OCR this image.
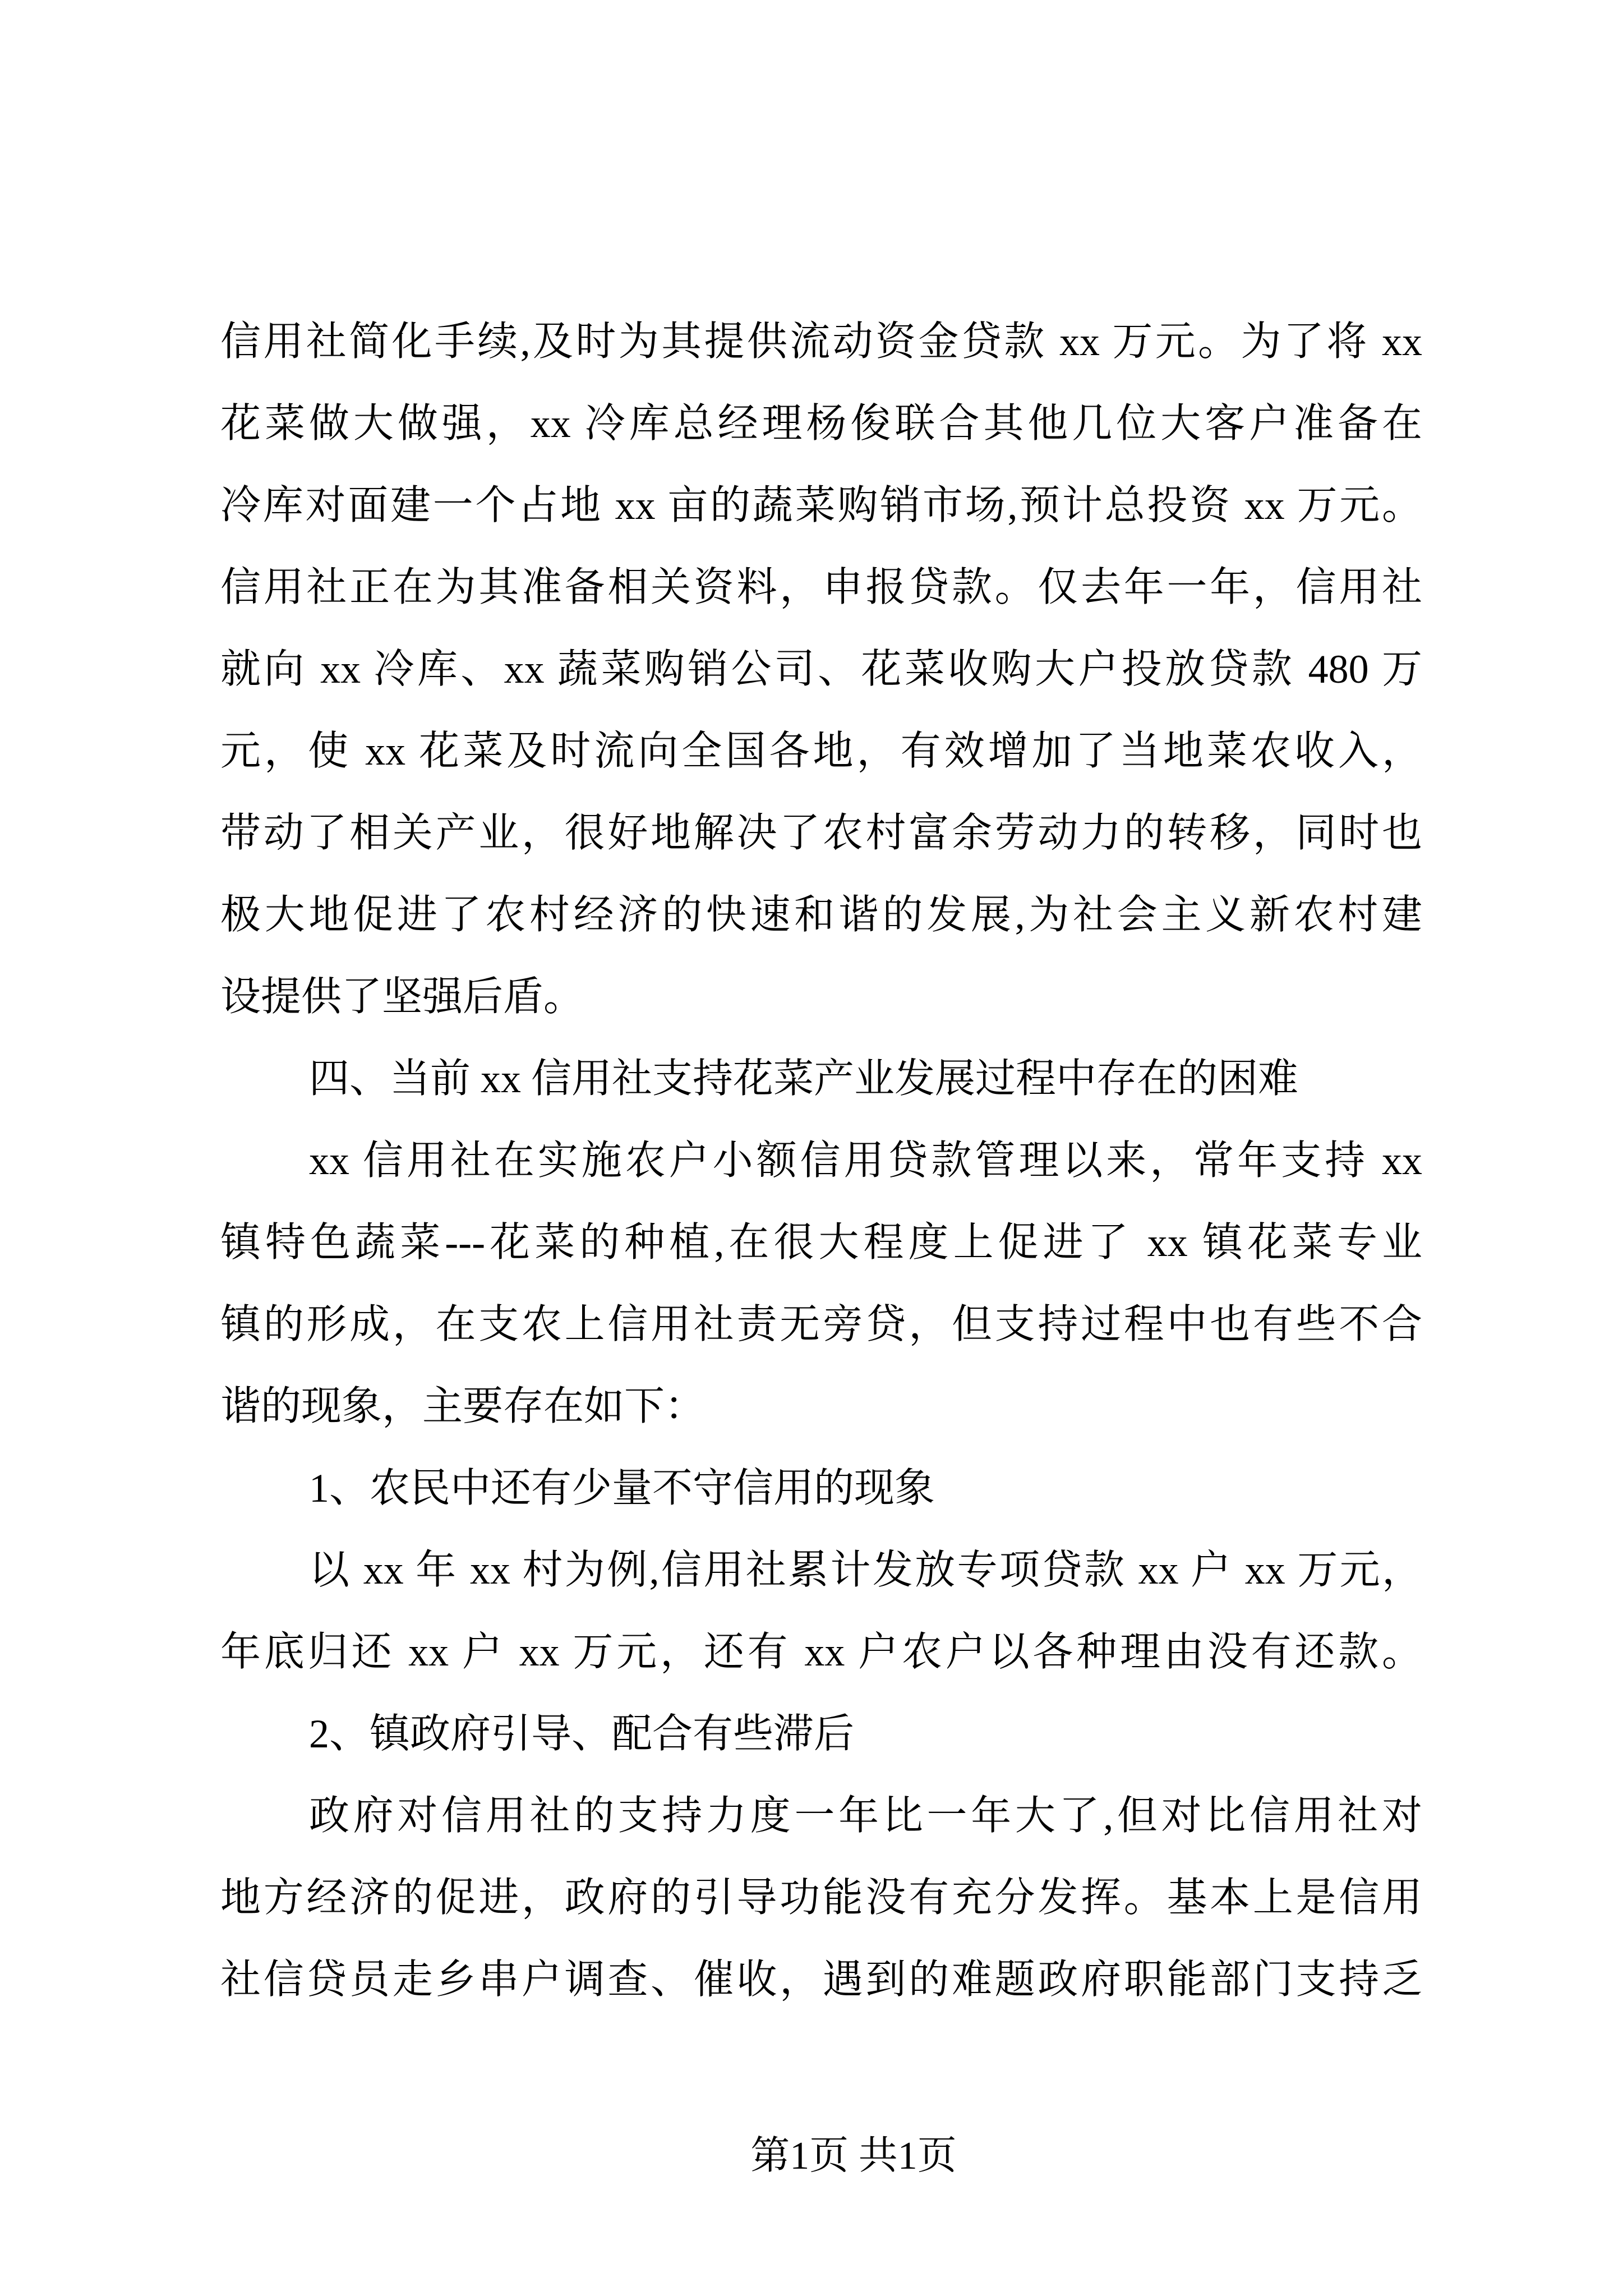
信用社简化手续,及时为其提供流动资金贷款 xx 万元。为了将 xx
花菜做大做强，xx 冷库总经理杨俊联合其他几位大客户准备在
冷库对面建一个占地 xx 亩的蔬菜购销市场,预计总投资 xx 万元。
信用社正在为其准备相关资料，申报贷款。仅去年一年，信用社
就向 xx 冷库、xx 蔬菜购销公司、花菜收购大户投放贷款 480 万
元，使 xx 花菜及时流向全国各地，有效增加了当地菜农收入，
带动了相关产业，很好地解决了农村富余劳动力的转移，同时也
极大地促进了农村经济的快速和谐的发展,为社会主义新农村建
设提供了坚强后盾。
四、当前 xx 信用社支持花菜产业发展过程中存在的困难
xx 信用社在实施农户小额信用贷款管理以来，常年支持 xx
镇特色蔬菜---花菜的种植,在很大程度上促进了 xx 镇花菜专业
镇的形成，在支农上信用社责无旁贷，但支持过程中也有些不合
谐的现象，主要存在如下：
1、农民中还有少量不守信用的现象
以 xx 年 xx 村为例,信用社累计发放专项贷款 xx 户 xx 万元，
年底归还 xx 户 xx 万元，还有 xx 户农户以各种理由没有还款。
2、镇政府引导、配合有些滞后
政府对信用社的支持力度一年比一年大了,但对比信用社对
地方经济的促进，政府的引导功能没有充分发挥。基本上是信用
社信贷员走乡串户调查、催收，遇到的难题政府职能部门支持乏
第1页 共1页
